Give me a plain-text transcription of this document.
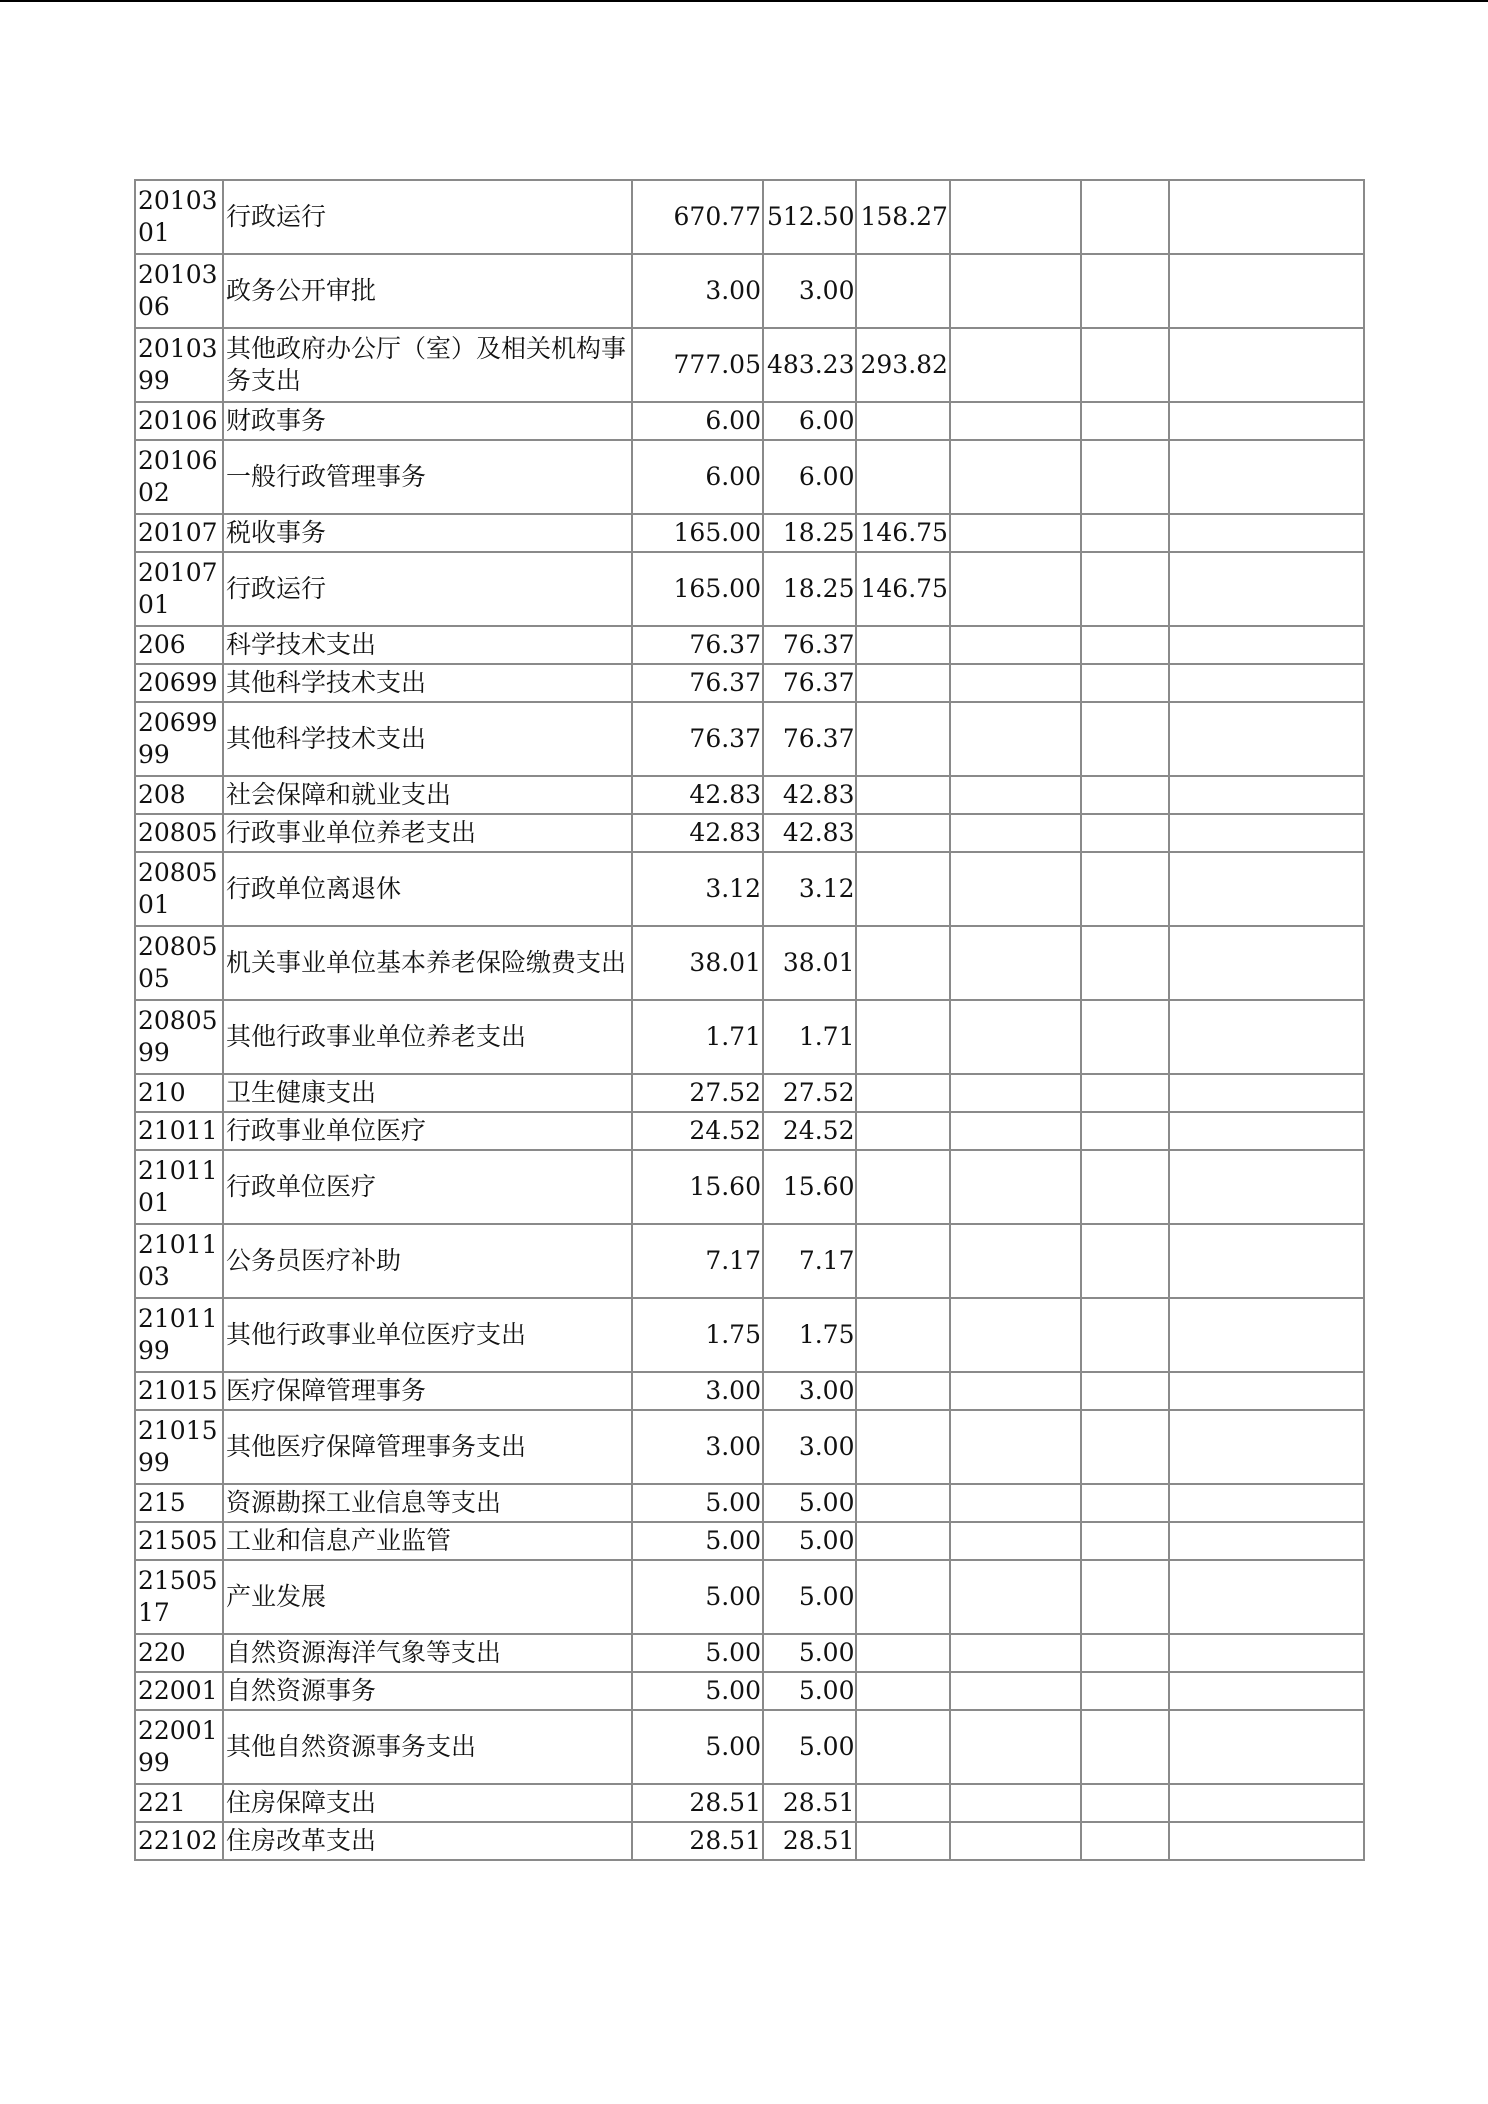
2010301	行政运行	670.77	512.50	158.27			
2010306	政务公开审批	3.00	3.00				
2010399	其他政府办公厅（室）及相关机构事务支出	777.05	483.23	293.82			
20106	财政事务	6.00	6.00				
2010602	一般行政管理事务	6.00	6.00				
20107	税收事务	165.00	18.25	146.75			
2010701	行政运行	165.00	18.25	146.75			
206	科学技术支出	76.37	76.37				
20699	其他科学技术支出	76.37	76.37				
2069999	其他科学技术支出	76.37	76.37				
208	社会保障和就业支出	42.83	42.83				
20805	行政事业单位养老支出	42.83	42.83				
2080501	行政单位离退休	3.12	3.12				
2080505	机关事业单位基本养老保险缴费支出	38.01	38.01				
2080599	其他行政事业单位养老支出	1.71	1.71				
210	卫生健康支出	27.52	27.52				
21011	行政事业单位医疗	24.52	24.52				
2101101	行政单位医疗	15.60	15.60				
2101103	公务员医疗补助	7.17	7.17				
2101199	其他行政事业单位医疗支出	1.75	1.75				
21015	医疗保障管理事务	3.00	3.00				
2101599	其他医疗保障管理事务支出	3.00	3.00				
215	资源勘探工业信息等支出	5.00	5.00				
21505	工业和信息产业监管	5.00	5.00				
2150517	产业发展	5.00	5.00				
220	自然资源海洋气象等支出	5.00	5.00				
22001	自然资源事务	5.00	5.00				
2200199	其他自然资源事务支出	5.00	5.00				
221	住房保障支出	28.51	28.51				
22102	住房改革支出	28.51	28.51				
